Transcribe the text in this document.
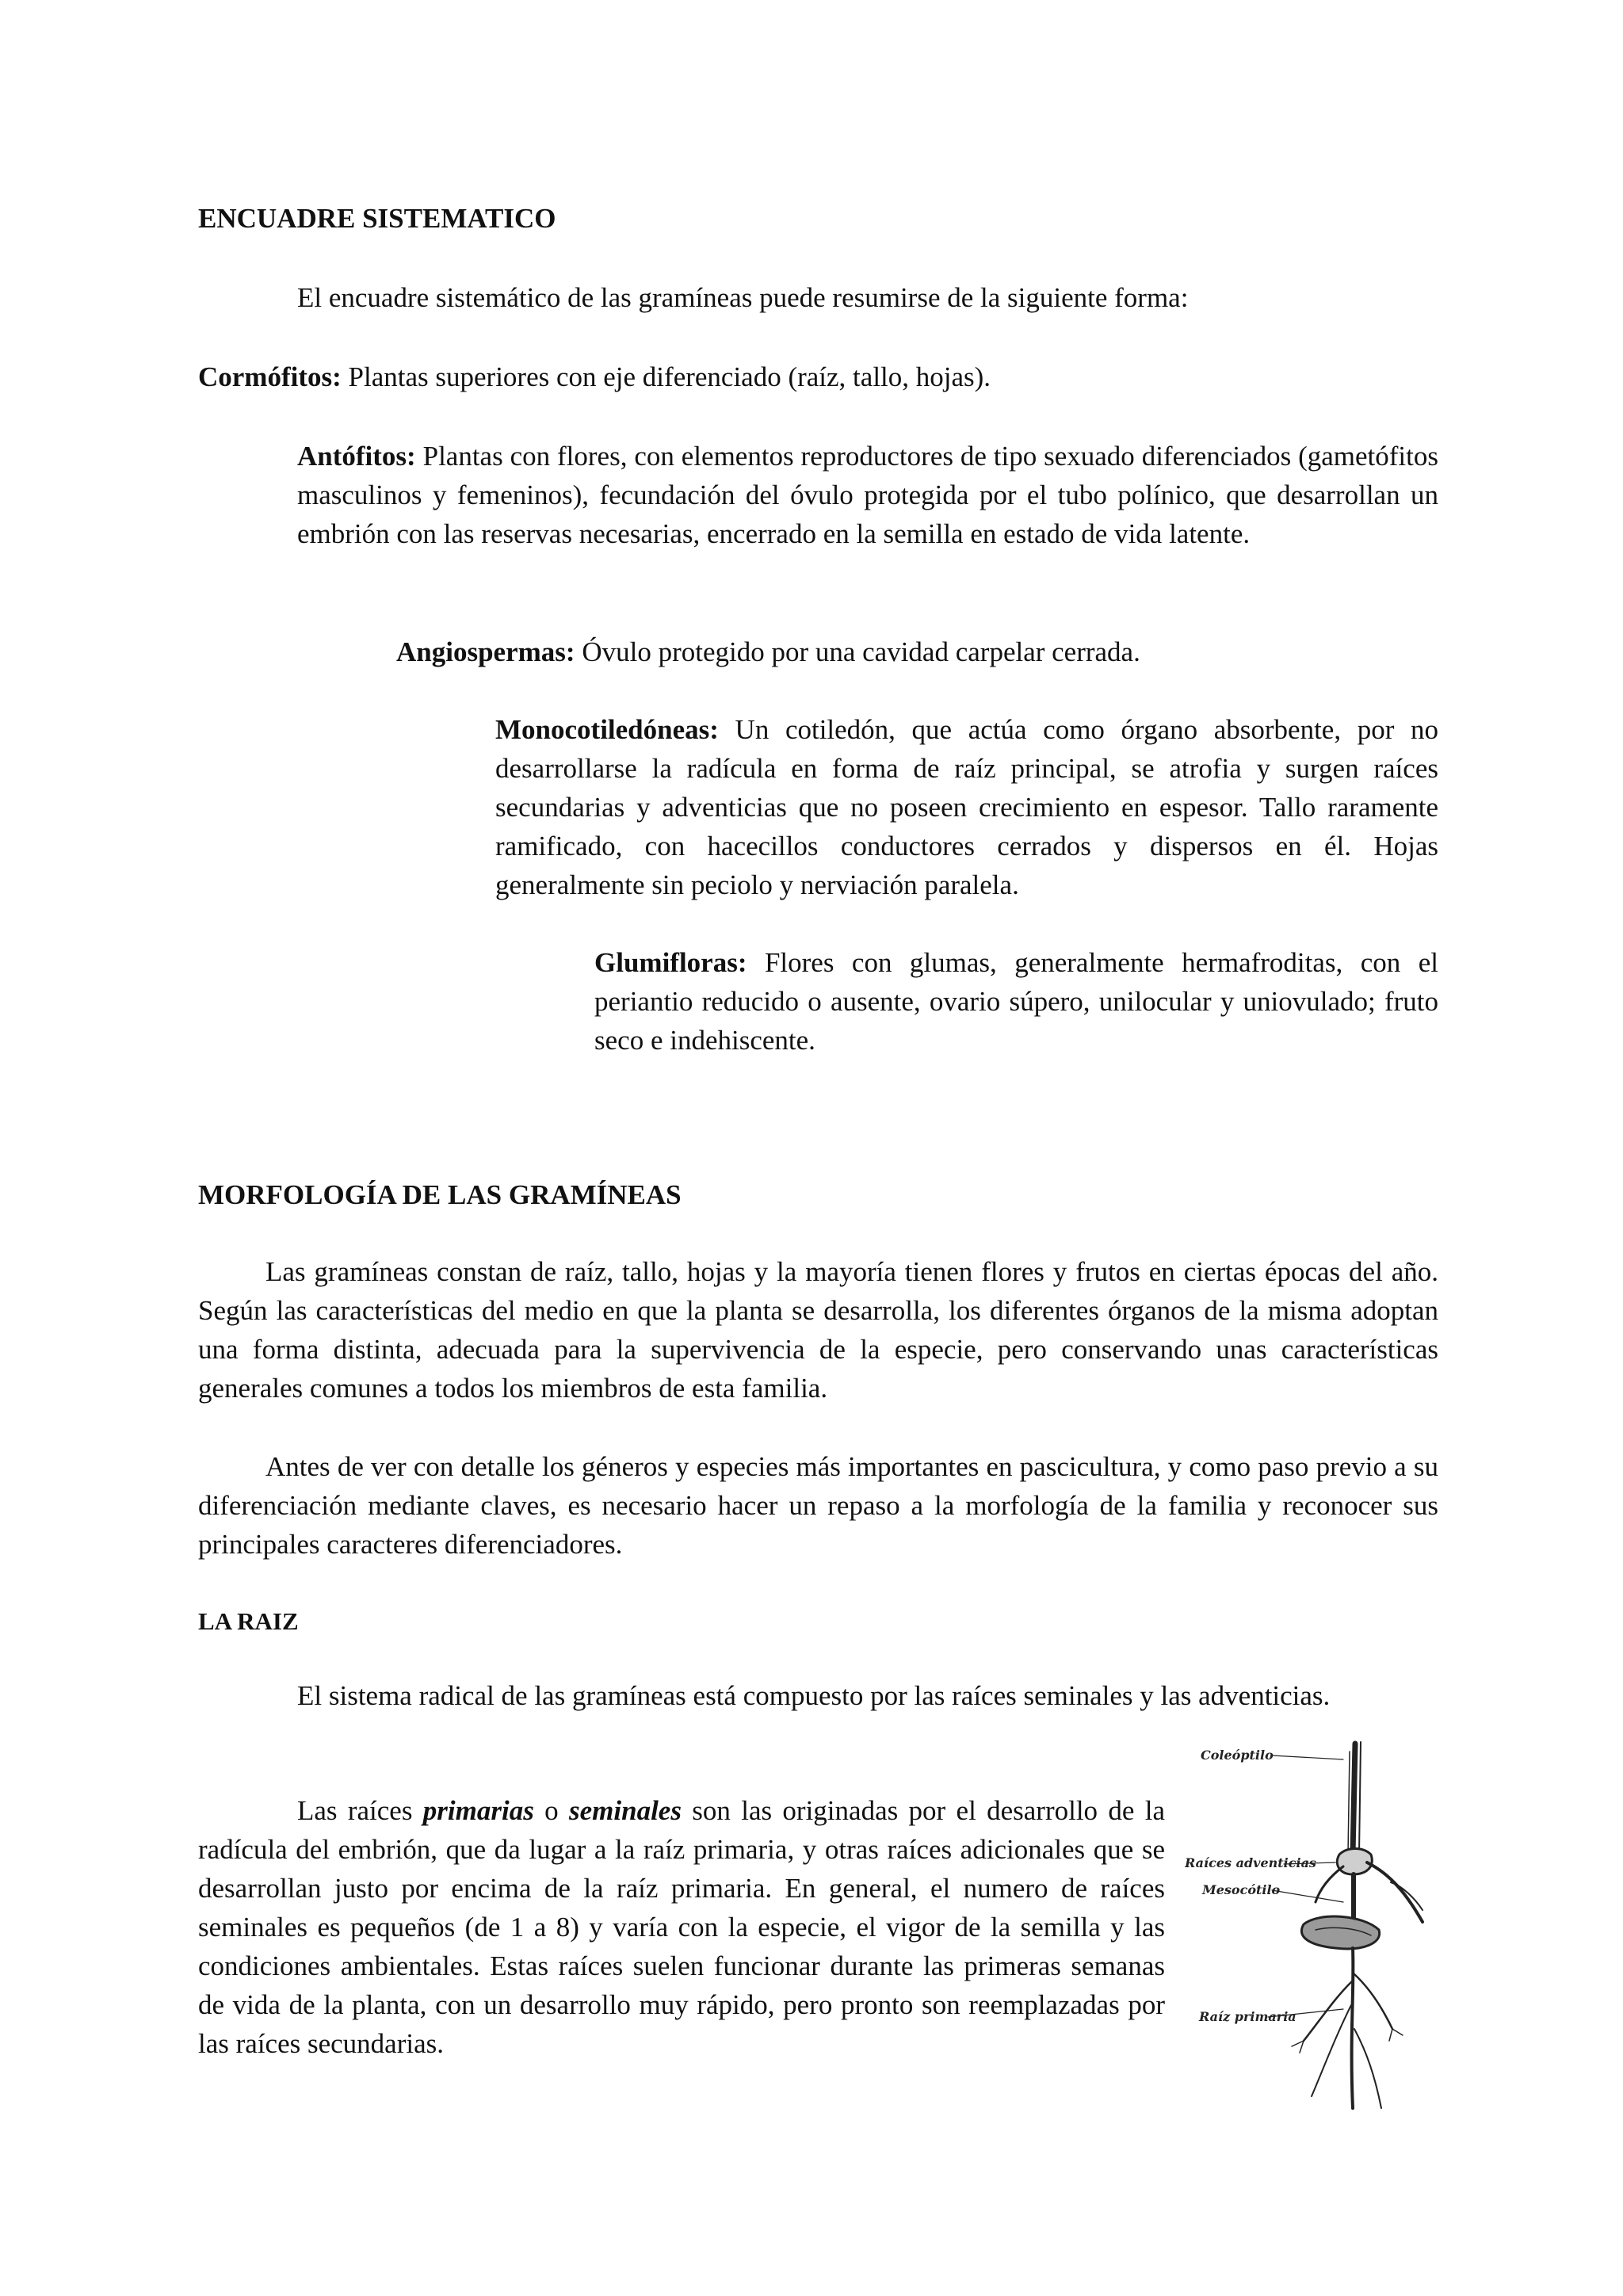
ENCUADRE SISTEMATICO

El encuadre sistemático de las gramíneas puede resumirse de la siguiente forma:

Cormófitos: Plantas superiores con eje diferenciado (raíz, tallo, hojas).

Antófitos: Plantas con flores, con elementos reproductores de tipo sexuado diferenciados (gametófitos masculinos y femeninos), fecundación del óvulo protegida por el tubo polínico, que desarrollan un embrión con las reservas necesarias, encerrado en la semilla en estado de vida latente.

Angiospermas: Óvulo protegido por una cavidad carpelar cerrada.

Monocotiledóneas: Un cotiledón, que actúa como órgano absorbente, por no desarrollarse la radícula en forma de raíz principal, se atrofia y surgen raíces secundarias y adventicias que no poseen crecimiento en espesor. Tallo raramente ramificado, con hacecillos conductores cerrados y dispersos en él. Hojas generalmente sin peciolo y nerviación paralela.

Glumifloras: Flores con glumas, generalmente hermafroditas, con el periantio reducido o ausente, ovario súpero, unilocular y uniovulado; fruto seco e indehiscente.

MORFOLOGÍA DE LAS GRAMÍNEAS

Las gramíneas constan de raíz, tallo, hojas y la mayoría tienen flores y frutos en ciertas épocas del año. Según las características del medio en que la planta se desarrolla, los diferentes órganos de la misma adoptan una forma distinta, adecuada para la supervivencia de la especie, pero conservando unas características generales comunes a todos los miembros de esta familia.

Antes de ver con detalle los géneros y especies más importantes en pascicultura, y como paso previo a su diferenciación mediante claves, es necesario hacer un repaso a la morfología de la familia y reconocer sus principales caracteres diferenciadores.

LA RAIZ

El sistema radical de las gramíneas está compuesto por las raíces seminales y las adventicias.

Las raíces primarias o seminales son las originadas por el desarrollo de la radícula del embrión, que da lugar a la raíz primaria, y otras raíces adicionales que se desarrollan justo por encima de la raíz primaria. En general, el numero de raíces seminales es pequeños (de 1 a 8) y varía con la especie, el vigor de la semilla y las condiciones ambientales. Estas raíces suelen funcionar durante las primeras semanas de vida de la planta, con un desarrollo muy rápido, pero pronto son reemplazadas por las raíces secundarias.

Coleóptilo
Raíces adventicias
Mesocótilo
Raíz primaria
